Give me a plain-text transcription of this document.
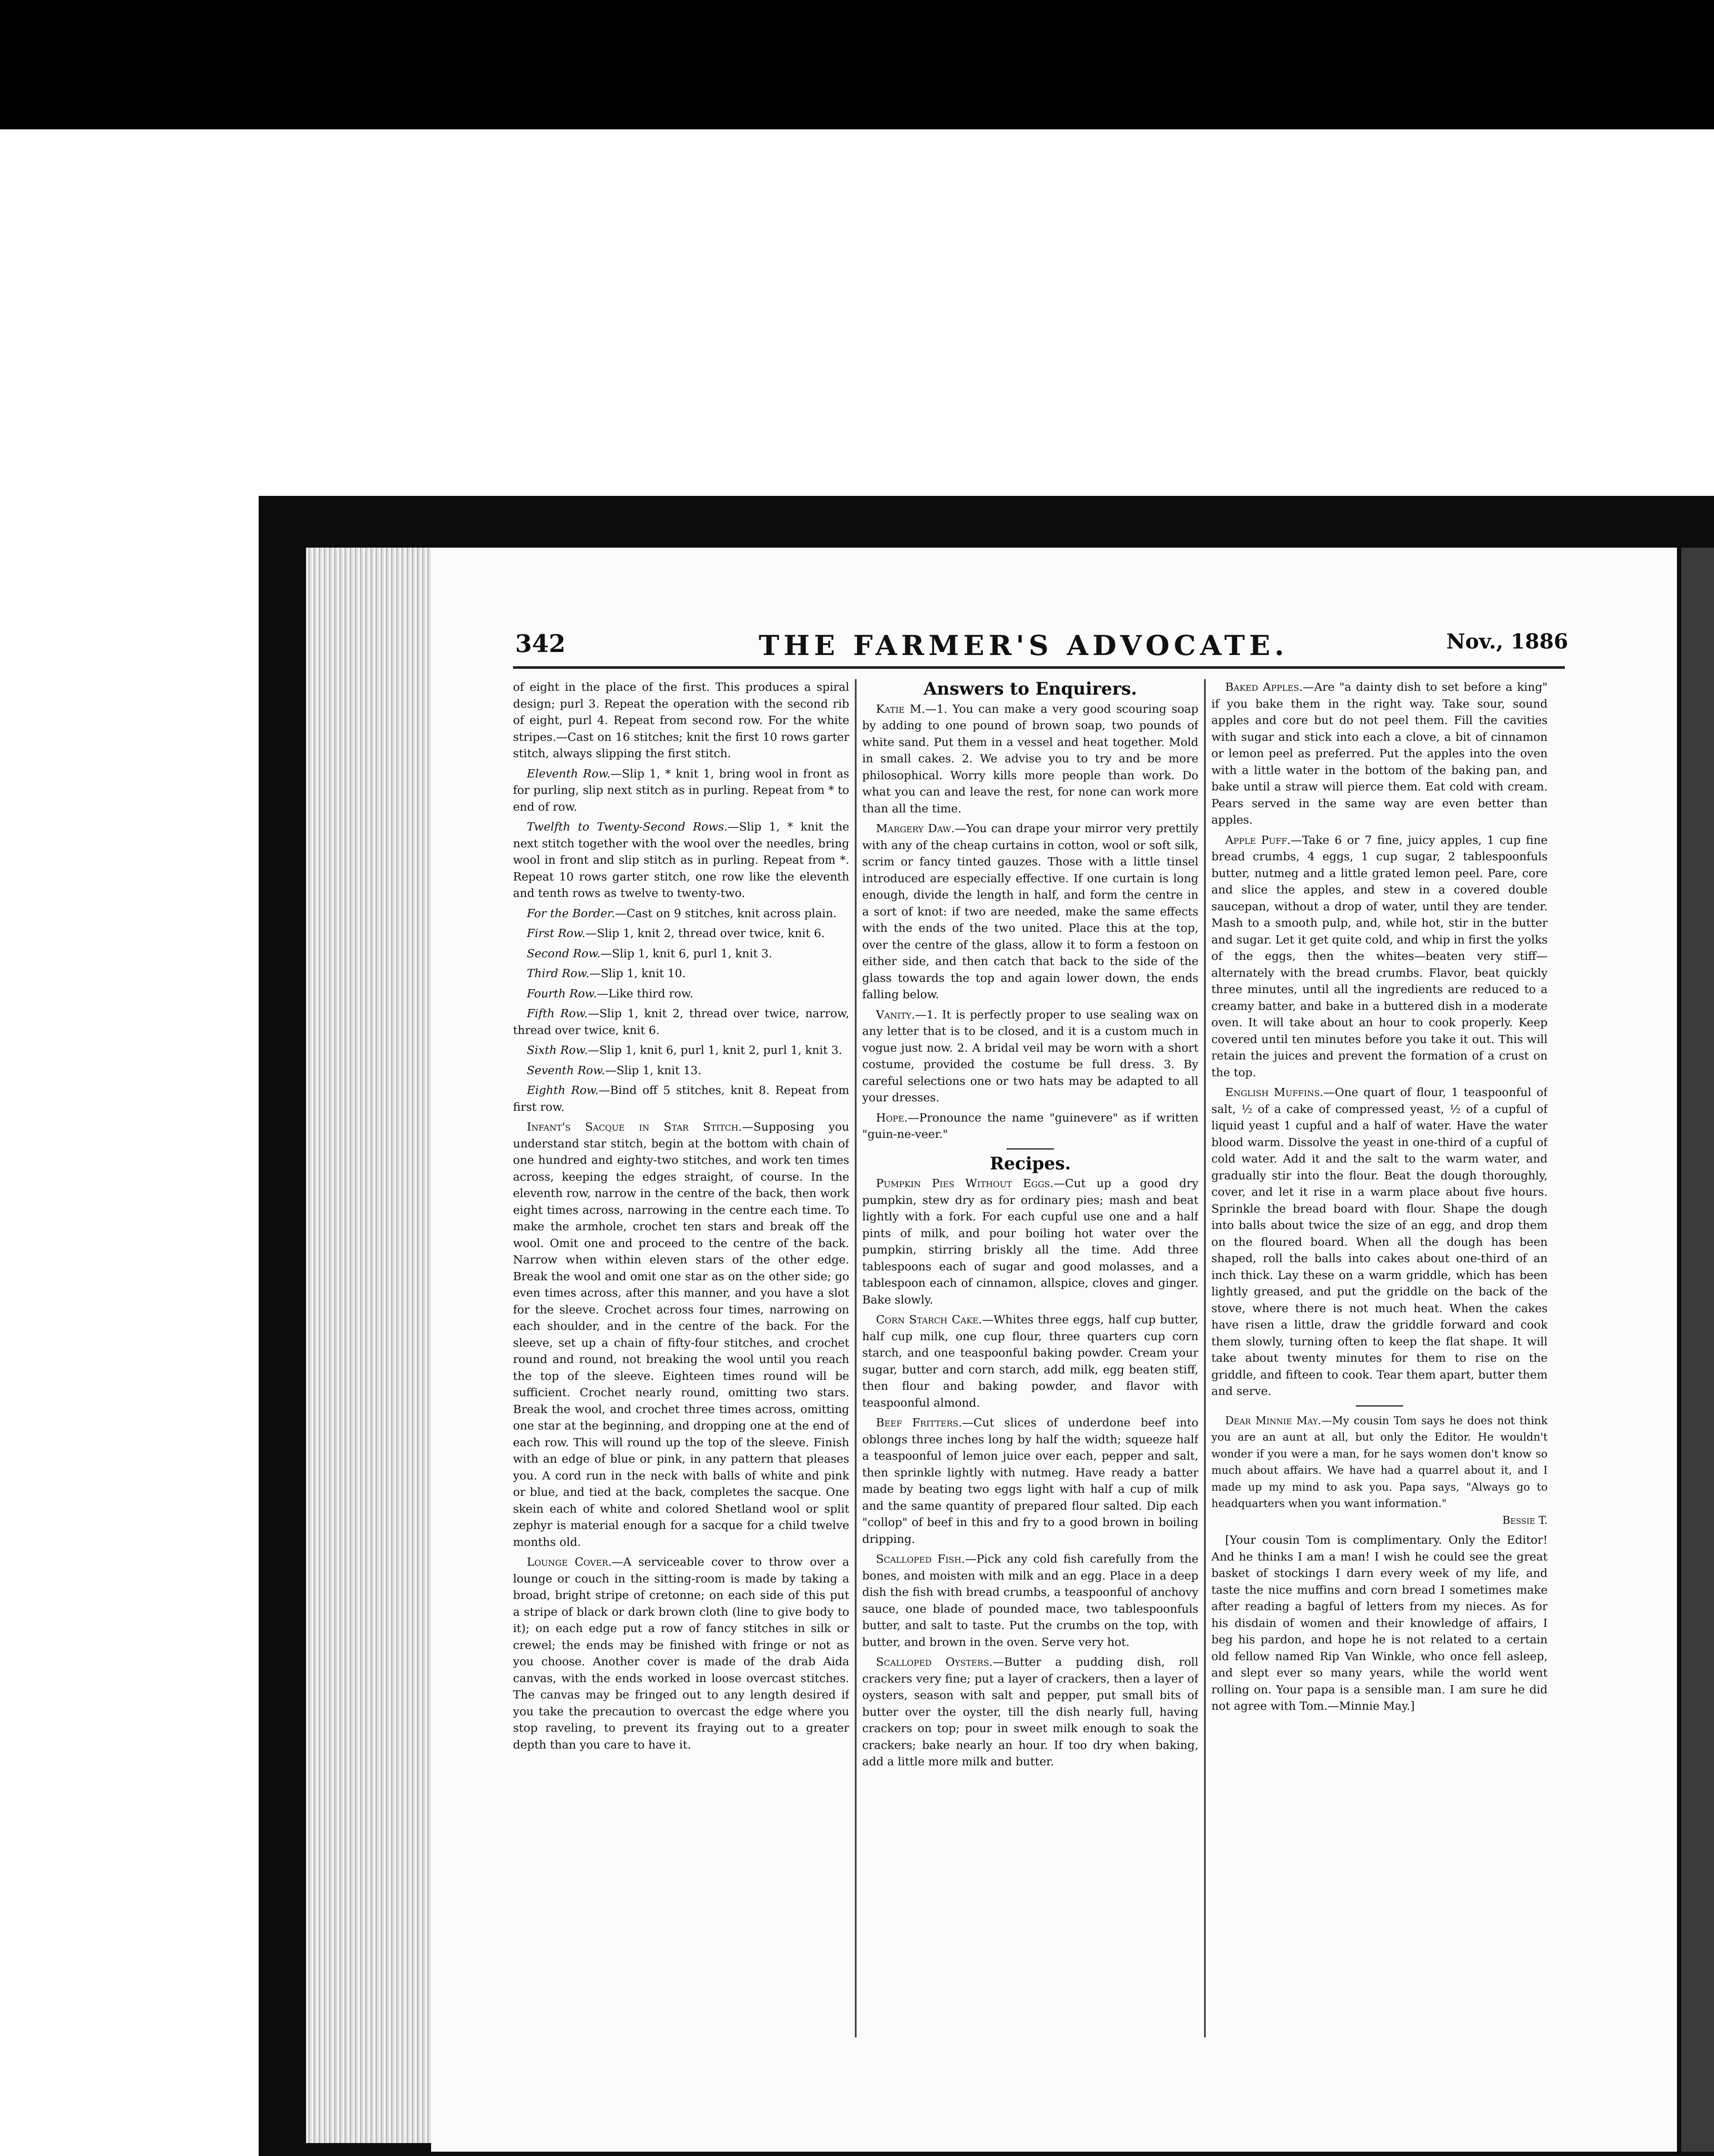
342	THE FARMER'S ADVOCATE.	Nov., 1886

of eight in the place of the first. This produces a spiral design; purl 3. Repeat the operation with the second rib of eight, purl 4. Repeat from second row. For the white stripes.—Cast on 16 stitches; knit the first 10 rows garter stitch, always slipping the first stitch.

Eleventh Row.—Slip 1, * knit 1, bring wool in front as for purling, slip next stitch as in purling. Repeat from * to end of row.

Twelfth to Twenty-Second Rows.—Slip 1, * knit the next stitch together with the wool over the needles, bring wool in front and slip stitch as in purling. Repeat from *. Repeat 10 rows garter stitch, one row like the eleventh and tenth rows as twelve to twenty-two.

For the Border.—Cast on 9 stitches, knit across plain.

First Row.—Slip 1, knit 2, thread over twice, knit 6.

Second Row.—Slip 1, knit 6, purl 1, knit 3.

Third Row.—Slip 1, knit 10.

Fourth Row.—Like third row.

Fifth Row.—Slip 1, knit 2, thread over twice, narrow, thread over twice, knit 6.

Sixth Row.—Slip 1, knit 6, purl 1, knit 2, purl 1, knit 3.

Seventh Row.—Slip 1, knit 13.

Eighth Row.—Bind off 5 stitches, knit 8. Repeat from first row.

Infant's Sacque in Star Stitch.—Supposing you understand star stitch, begin at the bottom with chain of one hundred and eighty-two stitches, and work ten times across, keeping the edges straight, of course. In the eleventh row, narrow in the centre of the back, then work eight times across, narrowing in the centre each time. To make the armhole, crochet ten stars and break off the wool. Omit one and proceed to the centre of the back. Narrow when within eleven stars of the other edge. Break the wool and omit one star as on the other side; go even times across, after this manner, and you have a slot for the sleeve. Crochet across four times, narrowing on each shoulder, and in the centre of the back. For the sleeve, set up a chain of fifty-four stitches, and crochet round and round, not breaking the wool until you reach the top of the sleeve. Eighteen times round will be sufficient. Crochet nearly round, omitting two stars. Break the wool, and crochet three times across, omitting one star at the beginning, and dropping one at the end of each row. This will round up the top of the sleeve. Finish with an edge of blue or pink, in any pattern that pleases you. A cord run in the neck with balls of white and pink or blue, and tied at the back, completes the sacque. One skein each of white and colored Shetland wool or split zephyr is material enough for a sacque for a child twelve months old.

Lounge Cover.—A serviceable cover to throw over a lounge or couch in the sitting-room is made by taking a broad, bright stripe of cretonne; on each side of this put a stripe of black or dark brown cloth (line to give body to it); on each edge put a row of fancy stitches in silk or crewel; the ends may be finished with fringe or not as you choose. Another cover is made of the drab Aida canvas, with the ends worked in loose overcast stitches. The canvas may be fringed out to any length desired if you take the precaution to overcast the edge where you stop raveling, to prevent its fraying out to a greater depth than you care to have it.

Answers to Enquirers.

Katie M.—1. You can make a very good scouring soap by adding to one pound of brown soap, two pounds of white sand. Put them in a vessel and heat together. Mold in small cakes. 2. We advise you to try and be more philosophical. Worry kills more people than work. Do what you can and leave the rest, for none can work more than all the time.

Margery Daw.—You can drape your mirror very prettily with any of the cheap curtains in cotton, wool or soft silk, scrim or fancy tinted gauzes. Those with a little tinsel introduced are especially effective. If one curtain is long enough, divide the length in half, and form the centre in a sort of knot: if two are needed, make the same effects with the ends of the two united. Place this at the top, over the centre of the glass, allow it to form a festoon on either side, and then catch that back to the side of the glass towards the top and again lower down, the ends falling below.

Vanity.—1. It is perfectly proper to use sealing wax on any letter that is to be closed, and it is a custom much in vogue just now. 2. A bridal veil may be worn with a short costume, provided the costume be full dress. 3. By careful selections one or two hats may be adapted to all your dresses.

Hope.—Pronounce the name "guinevere" as if written "guin-ne-veer."

Recipes.

Pumpkin Pies Without Eggs.—Cut up a good dry pumpkin, stew dry as for ordinary pies; mash and beat lightly with a fork. For each cupful use one and a half pints of milk, and pour boiling hot water over the pumpkin, stirring briskly all the time. Add three tablespoons each of sugar and good molasses, and a tablespoon each of cinnamon, allspice, cloves and ginger. Bake slowly.

Corn Starch Cake.—Whites three eggs, half cup butter, half cup milk, one cup flour, three quarters cup corn starch, and one teaspoonful baking powder. Cream your sugar, butter and corn starch, add milk, egg beaten stiff, then flour and baking powder, and flavor with teaspoonful almond.

Beef Fritters.—Cut slices of underdone beef into oblongs three inches long by half the width; squeeze half a teaspoonful of lemon juice over each, pepper and salt, then sprinkle lightly with nutmeg. Have ready a batter made by beating two eggs light with half a cup of milk and the same quantity of prepared flour salted. Dip each "collop" of beef in this and fry to a good brown in boiling dripping.

Scalloped Fish.—Pick any cold fish carefully from the bones, and moisten with milk and an egg. Place in a deep dish the fish with bread crumbs, a teaspoonful of anchovy sauce, one blade of pounded mace, two tablespoonfuls butter, and salt to taste. Put the crumbs on the top, with butter, and brown in the oven. Serve very hot.

Scalloped Oysters.—Butter a pudding dish, roll crackers very fine; put a layer of crackers, then a layer of oysters, season with salt and pepper, put small bits of butter over the oyster, till the dish nearly full, having crackers on top; pour in sweet milk enough to soak the crackers; bake nearly an hour. If too dry when baking, add a little more milk and butter.

Baked Apples.—Are "a dainty dish to set before a king" if you bake them in the right way. Take sour, sound apples and core but do not peel them. Fill the cavities with sugar and stick into each a clove, a bit of cinnamon or lemon peel as preferred. Put the apples into the oven with a little water in the bottom of the baking pan, and bake until a straw will pierce them. Eat cold with cream. Pears served in the same way are even better than apples.

Apple Puff.—Take 6 or 7 fine, juicy apples, 1 cup fine bread crumbs, 4 eggs, 1 cup sugar, 2 tablespoonfuls butter, nutmeg and a little grated lemon peel. Pare, core and slice the apples, and stew in a covered double saucepan, without a drop of water, until they are tender. Mash to a smooth pulp, and, while hot, stir in the butter and sugar. Let it get quite cold, and whip in first the yolks of the eggs, then the whites—beaten very stiff—alternately with the bread crumbs. Flavor, beat quickly three minutes, until all the ingredients are reduced to a creamy batter, and bake in a buttered dish in a moderate oven. It will take about an hour to cook properly. Keep covered until ten minutes before you take it out. This will retain the juices and prevent the formation of a crust on the top.

English Muffins.—One quart of flour, 1 teaspoonful of salt, ½ of a cake of compressed yeast, ½ of a cupful of liquid yeast 1 cupful and a half of water. Have the water blood warm. Dissolve the yeast in one-third of a cupful of cold water. Add it and the salt to the warm water, and gradually stir into the flour. Beat the dough thoroughly, cover, and let it rise in a warm place about five hours. Sprinkle the bread board with flour. Shape the dough into balls about twice the size of an egg, and drop them on the floured board. When all the dough has been shaped, roll the balls into cakes about one-third of an inch thick. Lay these on a warm griddle, which has been lightly greased, and put the griddle on the back of the stove, where there is not much heat. When the cakes have risen a little, draw the griddle forward and cook them slowly, turning often to keep the flat shape. It will take about twenty minutes for them to rise on the griddle, and fifteen to cook. Tear them apart, butter them and serve.

Dear Minnie May.—My cousin Tom says he does not think you are an aunt at all, but only the Editor. He wouldn't wonder if you were a man, for he says women don't know so much about affairs. We have had a quarrel about it, and I made up my mind to ask you. Papa says, "Always go to headquarters when you want information."
Bessie T.

[Your cousin Tom is complimentary. Only the Editor! And he thinks I am a man! I wish he could see the great basket of stockings I darn every week of my life, and taste the nice muffins and corn bread I sometimes make after reading a bagful of letters from my nieces. As for his disdain of women and their knowledge of affairs, I beg his pardon, and hope he is not related to a certain old fellow named Rip Van Winkle, who once fell asleep, and slept ever so many years, while the world went rolling on. Your papa is a sensible man. I am sure he did not agree with Tom.—Minnie May.]
